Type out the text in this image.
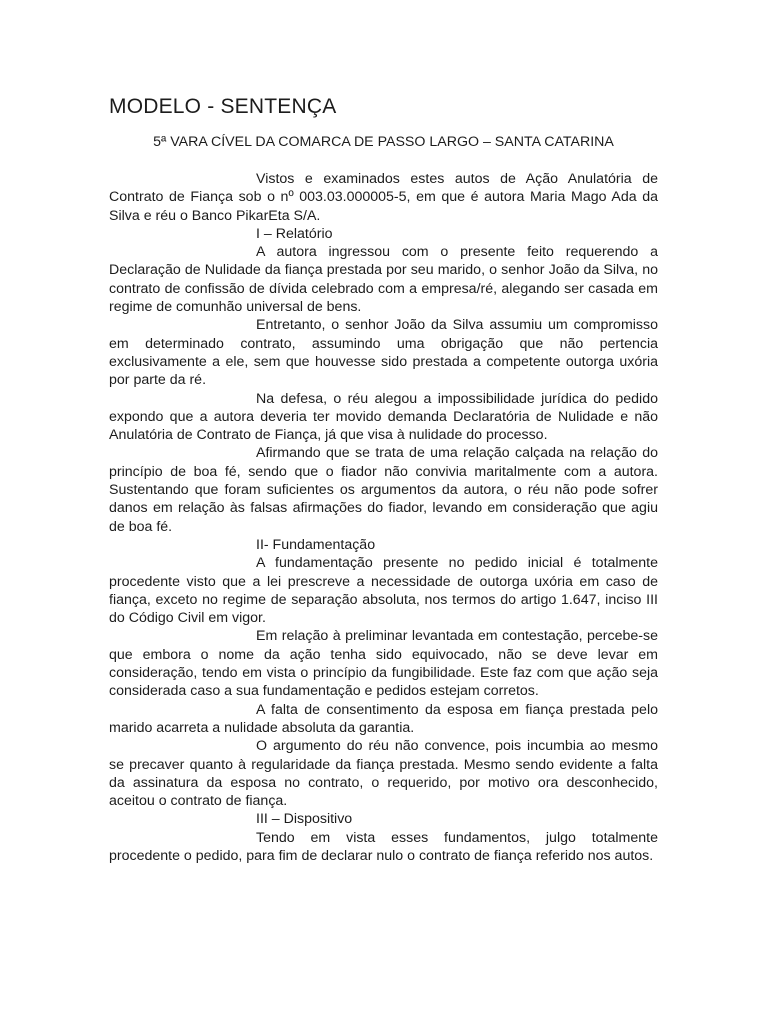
MODELO - SENTENÇA

5ª VARA CÍVEL DA COMARCA DE PASSO LARGO – SANTA CATARINA

Vistos e examinados estes autos de Ação Anulatória de Contrato de Fiança sob o nº 003.03.000005-5, em que é autora Maria Mago Ada da Silva e réu o Banco PikarEta S/A.

I – Relatório

A autora ingressou com o presente feito requerendo a Declaração de Nulidade da fiança prestada por seu marido, o senhor João da Silva, no contrato de confissão de dívida celebrado com a empresa/ré, alegando ser casada em regime de comunhão universal de bens.

Entretanto, o senhor João da Silva assumiu um compromisso em determinado contrato, assumindo uma obrigação que não pertencia exclusivamente a ele, sem que houvesse sido prestada a competente outorga uxória por parte da ré.

Na defesa, o réu alegou a impossibilidade jurídica do pedido expondo que a autora deveria ter movido demanda Declaratória de Nulidade e não Anulatória de Contrato de Fiança, já que visa à nulidade do processo.

Afirmando que se trata de uma relação calçada na relação do princípio de boa fé, sendo que o fiador não convivia maritalmente com a autora. Sustentando que foram suficientes os argumentos da autora, o réu não pode sofrer danos em relação às falsas afirmações do fiador, levando em consideração que agiu de boa fé.

II- Fundamentação

A fundamentação presente no pedido inicial é totalmente procedente visto que a lei prescreve a necessidade de outorga uxória em caso de fiança, exceto no regime de separação absoluta, nos termos do artigo 1.647, inciso III do Código Civil em vigor.

Em relação à preliminar levantada em contestação, percebe-se que embora o nome da ação tenha sido equivocado, não se deve levar em consideração, tendo em vista o princípio da fungibilidade. Este faz com que ação seja considerada caso a sua fundamentação e pedidos estejam corretos.

A falta de consentimento da esposa em fiança prestada pelo marido acarreta a nulidade absoluta da garantia.

O argumento do réu não convence, pois incumbia ao mesmo se precaver quanto à regularidade da fiança prestada. Mesmo sendo evidente a falta da assinatura da esposa no contrato, o requerido, por motivo ora desconhecido, aceitou o contrato de fiança.

III – Dispositivo

Tendo em vista esses fundamentos, julgo totalmente procedente o pedido, para fim de declarar nulo o contrato de fiança referido nos autos.
